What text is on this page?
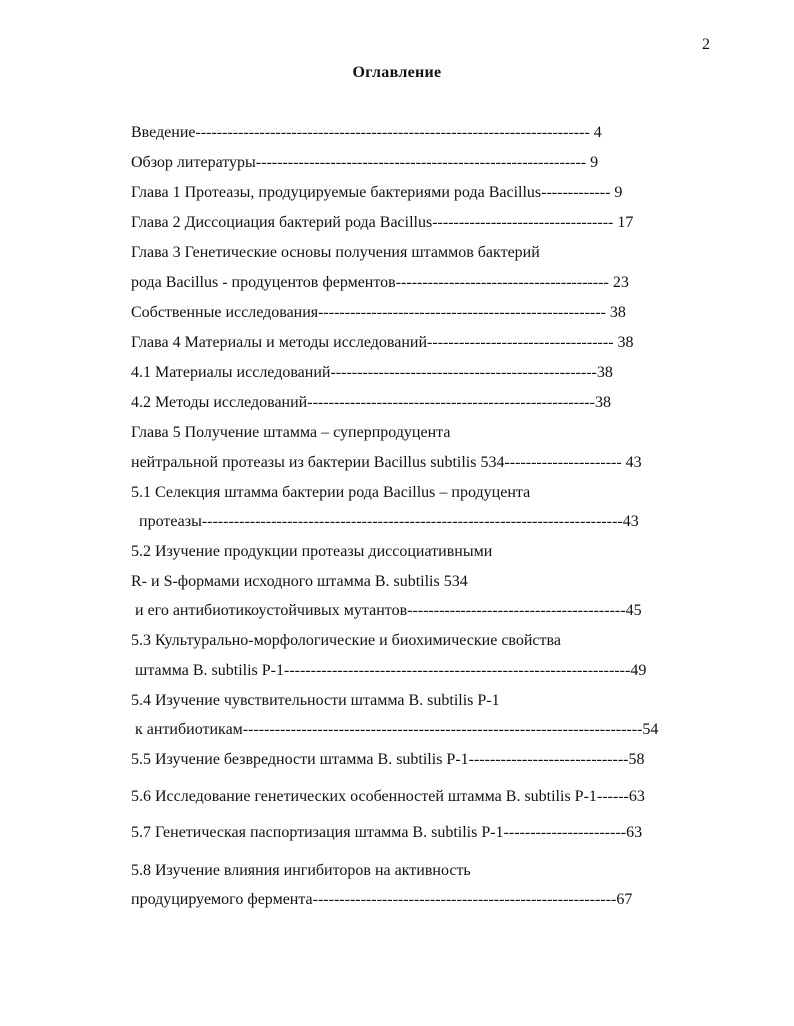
2
Оглавление
Введение-------------------------------------------------------------------------- 4
Обзор литературы-------------------------------------------------------------- 9
Глава 1 Протеазы, продуцируемые бактериями рода Bacillus------------- 9
Глава 2 Диссоциация бактерий рода Bacillus---------------------------------- 17
Глава 3 Генетические основы получения штаммов бактерий
рода Bacillus - продуцентов ферментов---------------------------------------- 23
Собственные исследования------------------------------------------------------ 38
Глава 4 Материалы и методы исследований----------------------------------- 38
4.1 Материалы исследований--------------------------------------------------38
4.2 Методы исследований------------------------------------------------------38
Глава 5 Получение штамма – суперпродуцента
нейтральной протеазы из бактерии Bacillus subtilis 534---------------------- 43
5.1 Селекция штамма бактерии рода Bacillus – продуцента
протеазы-------------------------------------------------------------------------------43
5.2 Изучение продукции протеазы диссоциативными
R- и S-формами исходного штамма B. subtilis 534
и его антибиотикоустойчивых мутантов-----------------------------------------45
5.3 Культурально-морфологические и биохимические свойства
штамма B. subtilis P-1-----------------------------------------------------------------49
5.4 Изучение чувствительности штамма B. subtilis P-1
к антибиотикам---------------------------------------------------------------------------54
5.5 Изучение безвредности штамма B. subtilis P-1------------------------------58
5.6 Исследование генетических особенностей штамма B. subtilis P-1------63
5.7 Генетическая паспортизация штамма B. subtilis P-1-----------------------63
5.8 Изучение влияния ингибиторов на активность
продуцируемого фермента---------------------------------------------------------67
